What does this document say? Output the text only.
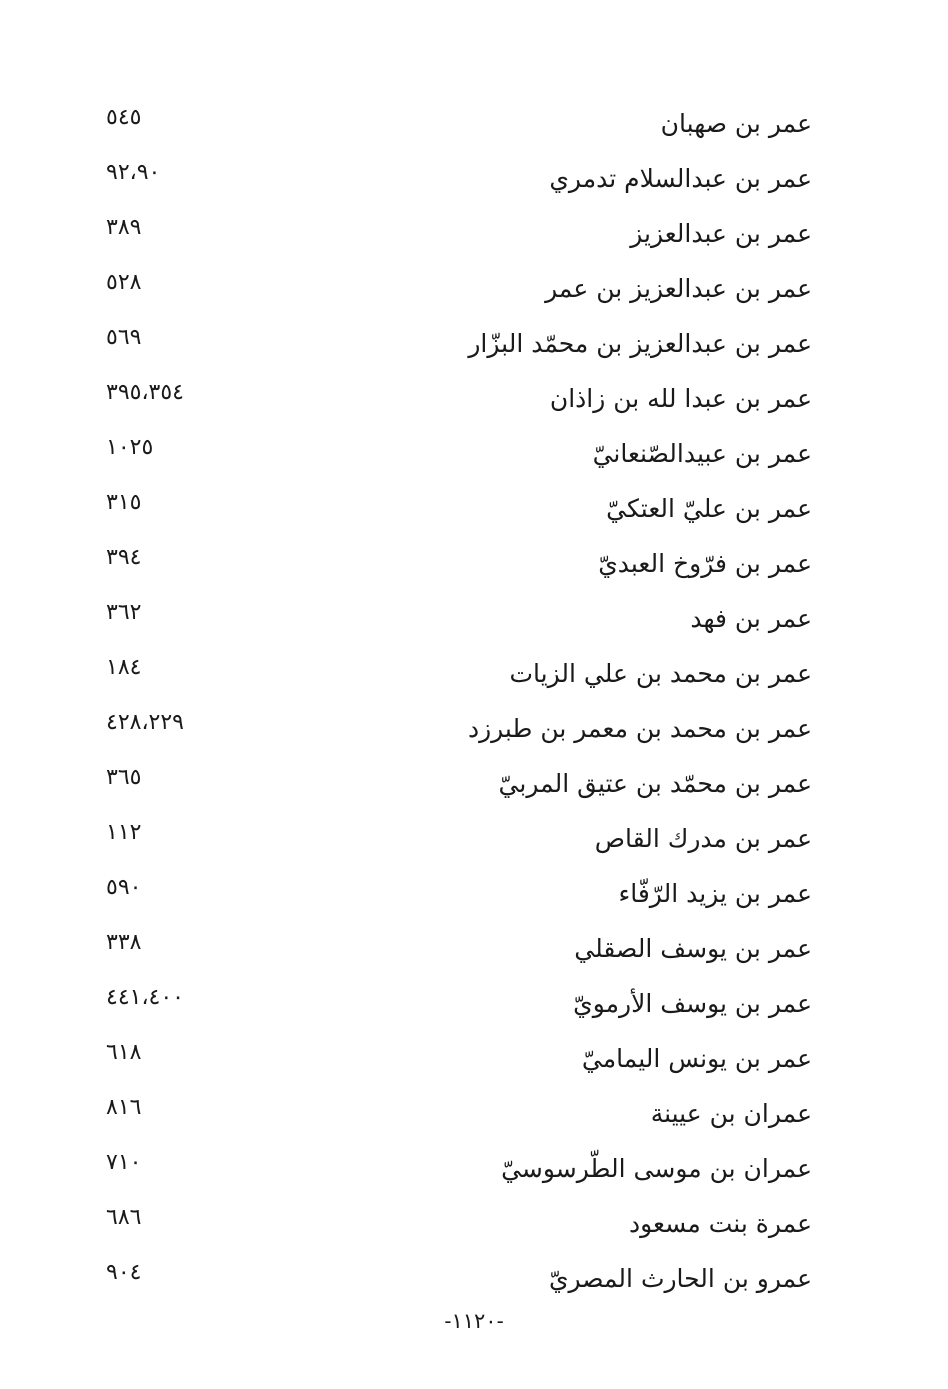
عمر بن صهبان
٥٤٥
عمر بن عبدالسلام تدمري
٩٢،٩٠
عمر بن عبدالعزيز
٣٨٩
عمر بن عبدالعزيز بن عمر
٥٢٨
عمر بن عبدالعزيز بن محمّد البزّار
٥٦٩
عمر بن عبدا لله بن زاذان
٣٩٥،٣٥٤
عمر بن عبيدالصّنعانيّ
١٠٢٥
عمر بن عليّ العتكيّ
٣١٥
عمر بن فرّوخ العبديّ
٣٩٤
عمر بن فهد
٣٦٢
عمر بن محمد بن علي الزيات
١٨٤
عمر بن محمد بن معمر بن طبرزد
٤٢٨،٢٢٩
عمر بن محمّد بن عتيق المربيّ
٣٦٥
عمر بن مدرك القاص
١١٢
عمر بن يزيد الرّفّاء
٥٩٠
عمر بن يوسف الصقلي
٣٣٨
عمر بن يوسف الأرمويّ
٤٤١،٤٠٠
عمر بن يونس اليماميّ
٦١٨
عمران بن عيينة
٨١٦
عمران بن موسى الطّرسوسيّ
٧١٠
عمرة بنت مسعود
٦٨٦
عمرو بن الحارث المصريّ
٩٠٤
-١١٢٠-
